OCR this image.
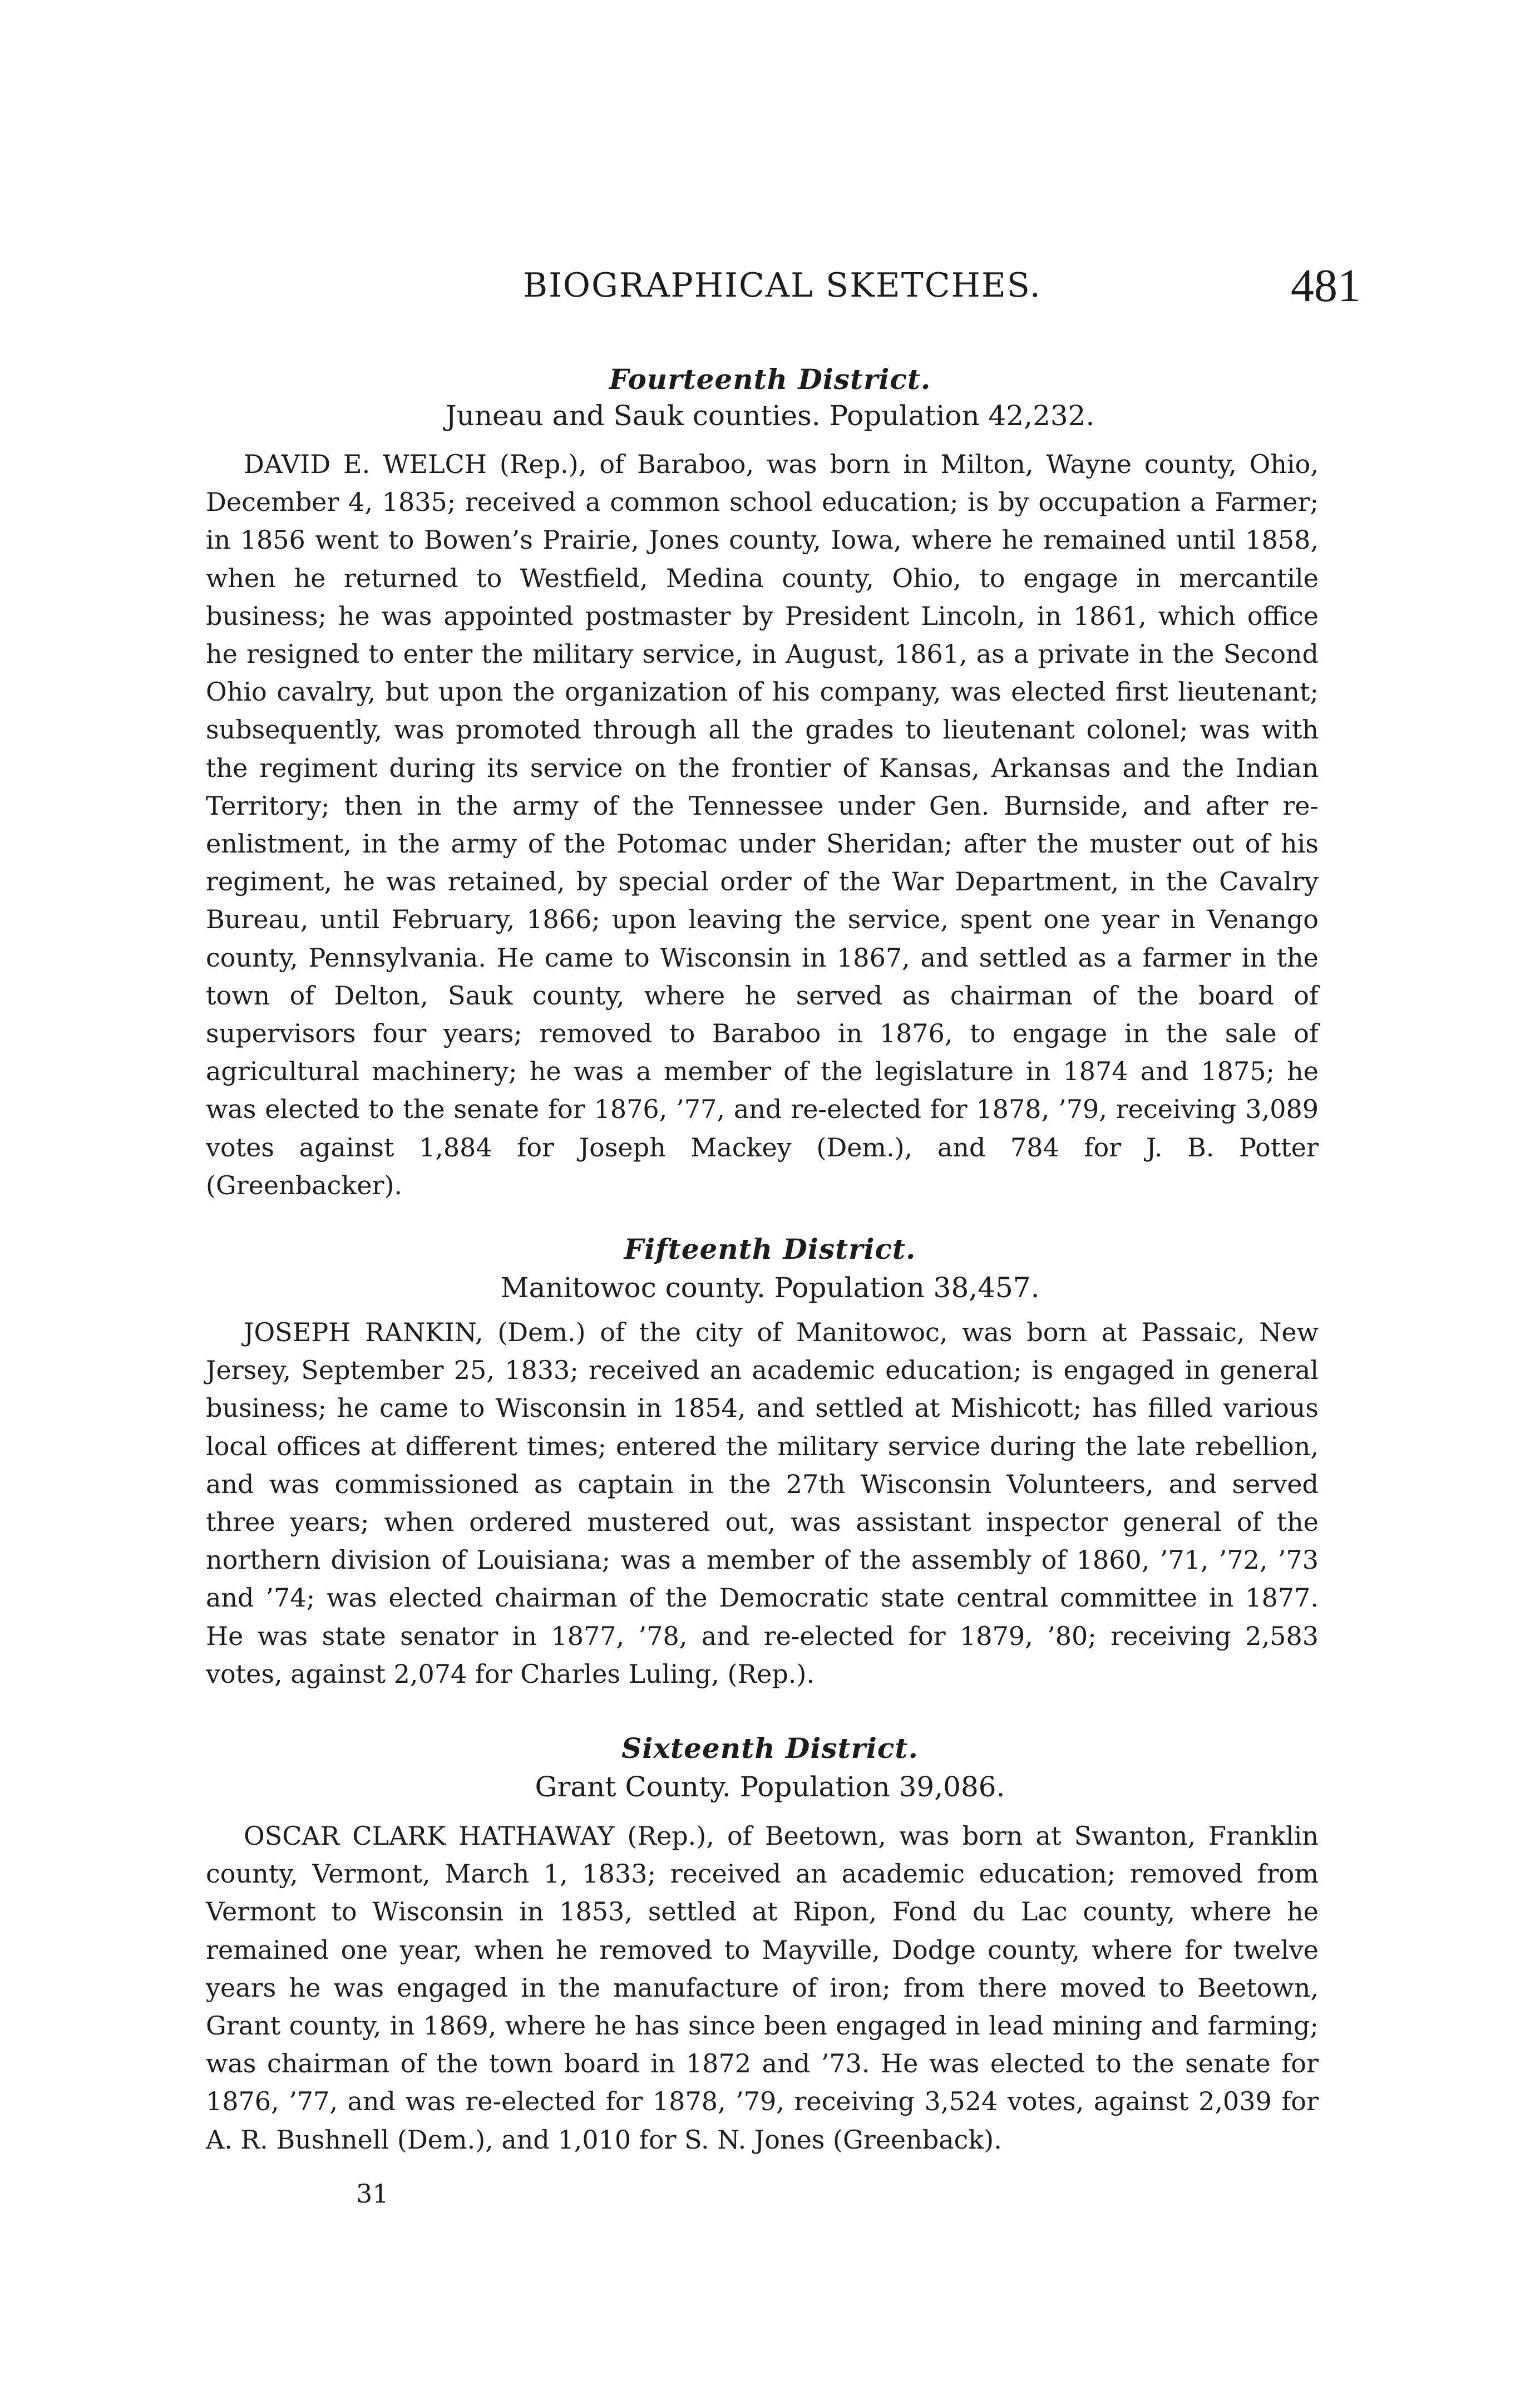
BIOGRAPHICAL SKETCHES.	481
Fourteenth District.
Juneau and Sauk counties. Population 42,232.

DAVID E. WELCH (Rep.), of Baraboo, was born in Milton, Wayne county, Ohio, December 4, 1835; received a common school education; is by occupation a Farmer; in 1856 went to Bowen’s Prairie, Jones county, Iowa, where he remained until 1858, when he returned to Westfield, Medina county, Ohio, to engage in mercantile business; he was appointed postmaster by President Lincoln, in 1861, which office he resigned to enter the military service, in August, 1861, as a private in the Second Ohio cavalry, but upon the organization of his company, was elected first lieutenant; subsequently, was promoted through all the grades to lieutenant colonel; was with the regiment during its service on the frontier of Kansas, Arkansas and the Indian Territory; then in the army of the Tennessee under Gen. Burnside, and after re-enlistment, in the army of the Potomac under Sheridan; after the muster out of his regiment, he was retained, by special order of the War Department, in the Cavalry Bureau, until February, 1866; upon leaving the service, spent one year in Venango county, Pennsylvania. He came to Wisconsin in 1867, and settled as a farmer in the town of Delton, Sauk county, where he served as chairman of the board of supervisors four years; removed to Baraboo in 1876, to engage in the sale of agricultural machinery; he was a member of the legislature in 1874 and 1875; he was elected to the senate for 1876, ’77, and re-elected for 1878, ’79, receiving 3,089 votes against 1,884 for Joseph Mackey (Dem.), and 784 for J. B. Potter (Greenbacker).

Fifteenth District.
Manitowoc county. Population 38,457.

JOSEPH RANKIN, (Dem.) of the city of Manitowoc, was born at Passaic, New Jersey, September 25, 1833; received an academic education; is engaged in general business; he came to Wisconsin in 1854, and settled at Mishicott; has filled various local offices at different times; entered the military service during the late rebellion, and was commissioned as captain in the 27th Wisconsin Volunteers, and served three years; when ordered mustered out, was assistant inspector general of the northern division of Louisiana; was a member of the assembly of 1860, ’71, ’72, ’73 and ’74; was elected chairman of the Democratic state central committee in 1877. He was state senator in 1877, ’78, and re-elected for 1879, ’80; receiving 2,583 votes, against 2,074 for Charles Luling, (Rep.).

Sixteenth District.
Grant County. Population 39,086.

OSCAR CLARK HATHAWAY (Rep.), of Beetown, was born at Swanton, Franklin county, Vermont, March 1, 1833; received an academic education; removed from Vermont to Wisconsin in 1853, settled at Ripon, Fond du Lac county, where he remained one year, when he removed to Mayville, Dodge county, where for twelve years he was engaged in the manufacture of iron; from there moved to Beetown, Grant county, in 1869, where he has since been engaged in lead mining and farming; was chairman of the town board in 1872 and ’73. He was elected to the senate for 1876, ’77, and was re-elected for 1878, ’79, receiving 3,524 votes, against 2,039 for A. R. Bushnell (Dem.), and 1,010 for S. N. Jones (Greenback).

31
